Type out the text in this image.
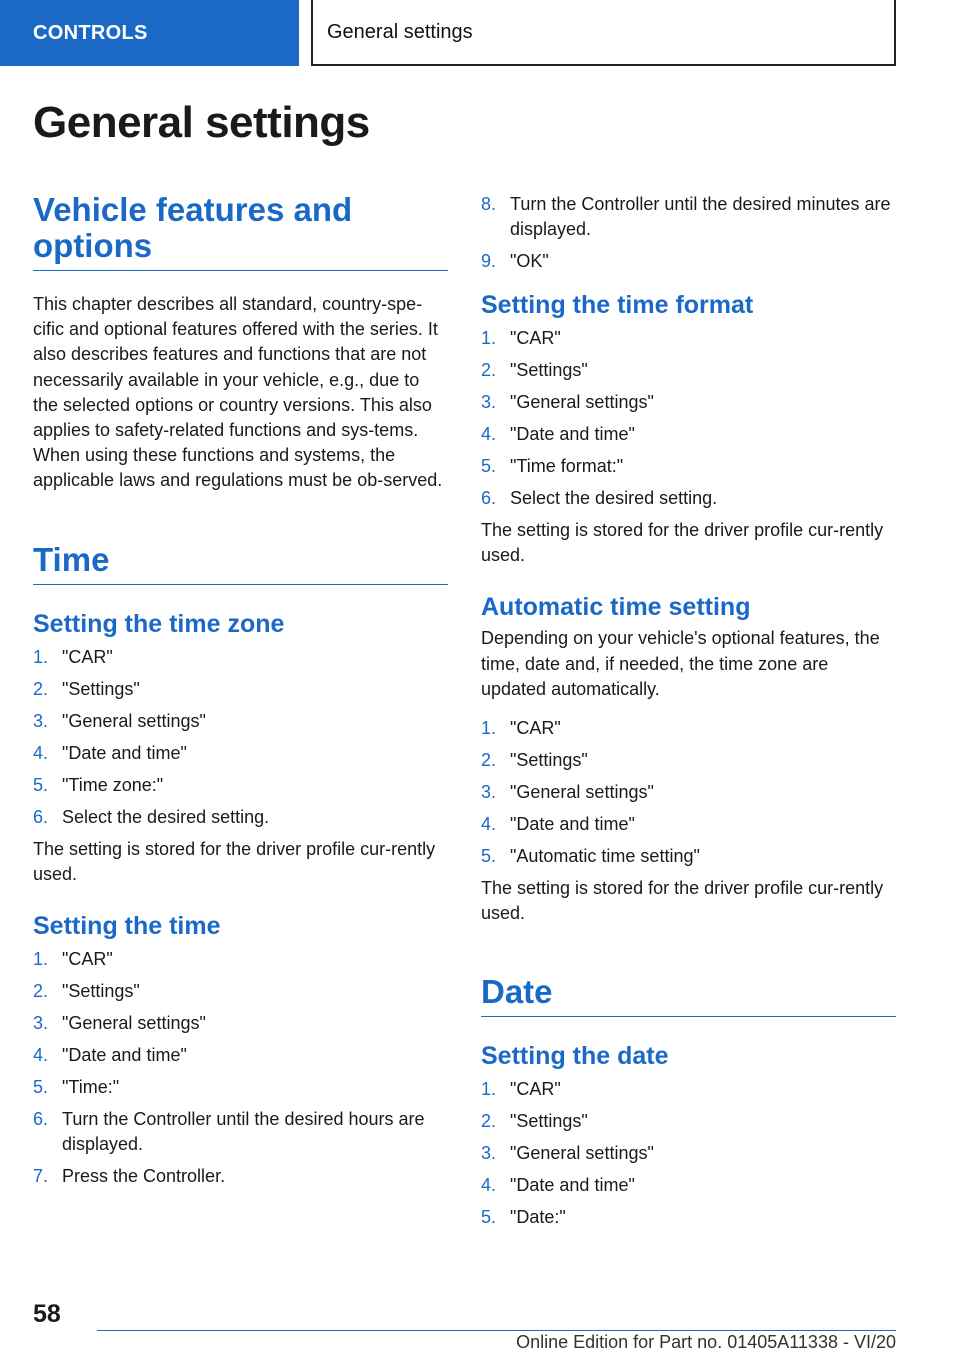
CONTROLS	General settings
General settings
Vehicle features and options

This chapter describes all standard, country-spe-cific and optional features offered with the series. It also describes features and functions that are not necessarily available in your vehicle, e.g., due to the selected options or country versions. This also applies to safety-related functions and sys-tems. When using these functions and systems, the applicable laws and regulations must be ob-served.

Time
Setting the time zone
1. "CAR"
2. "Settings"
3. "General settings"
4. "Date and time"
5. "Time zone:"
6. Select the desired setting.

The setting is stored for the driver profile cur-rently used.

Setting the time
1. "CAR"
2. "Settings"
3. "General settings"
4. "Date and time"
5. "Time:"
6. Turn the Controller until the desired hours are displayed.
7. Press the Controller.
8. Turn the Controller until the desired minutes are displayed.
9. "OK"
Setting the time format
1. "CAR"
2. "Settings"
3. "General settings"
4. "Date and time"
5. "Time format:"
6. Select the desired setting.

The setting is stored for the driver profile cur-rently used.

Automatic time setting

Depending on your vehicle's optional features, the time, date and, if needed, the time zone are updated automatically.

1. "CAR"
2. "Settings"
3. "General settings"
4. "Date and time"
5. "Automatic time setting"

The setting is stored for the driver profile cur-rently used.

Date
Setting the date
1. "CAR"
2. "Settings"
3. "General settings"
4. "Date and time"
5. "Date:"
58
Online Edition for Part no. 01405A11338 - VI/20
